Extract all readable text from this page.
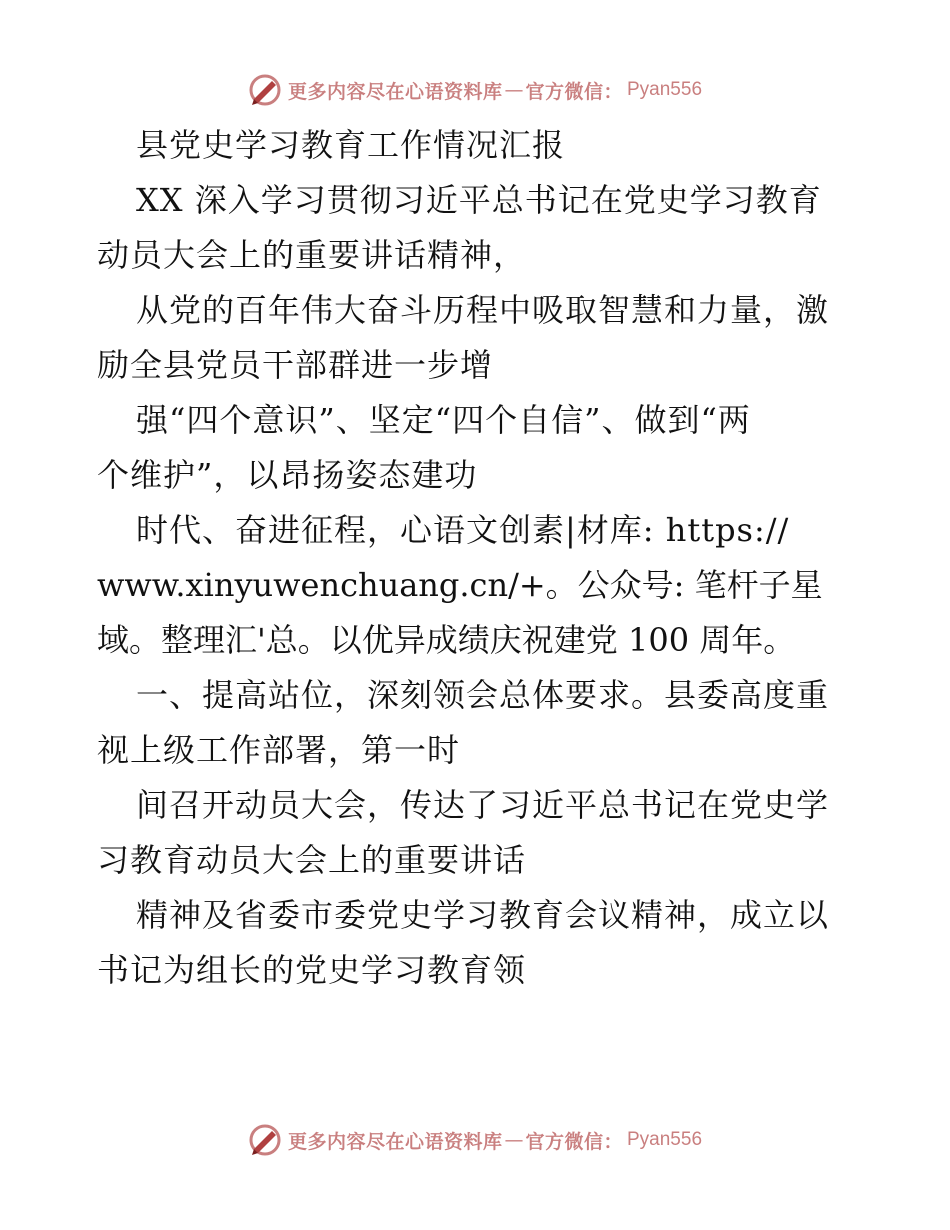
更多内容尽在心语资料库 — 官方微信： Pyan556
县党史学习教育工作情况汇报
XX 深入学习贯彻习近平总书记在党史学习教育
动员大会上的重要讲话精神，
从党的百年伟大奋斗历程中吸取智慧和力量，激
励全县党员干部群进一步增
强“四个意识”、坚定“四个自信”、做到“两
个维护”，以昂扬姿态建功
时代、奋进征程，心语文创素|材库: https://
www.xinyuwenchuang.cn/+。公众号: 笔杆子星
域。整理汇'总。以优异成绩庆祝建党 100 周年。
一、提高站位，深刻领会总体要求。县委高度重
视上级工作部署，第一时
间召开动员大会，传达了习近平总书记在党史学
习教育动员大会上的重要讲话
精神及省委市委党史学习教育会议精神，成立以
书记为组长的党史学习教育领
更多内容尽在心语资料库 — 官方微信： Pyan556
